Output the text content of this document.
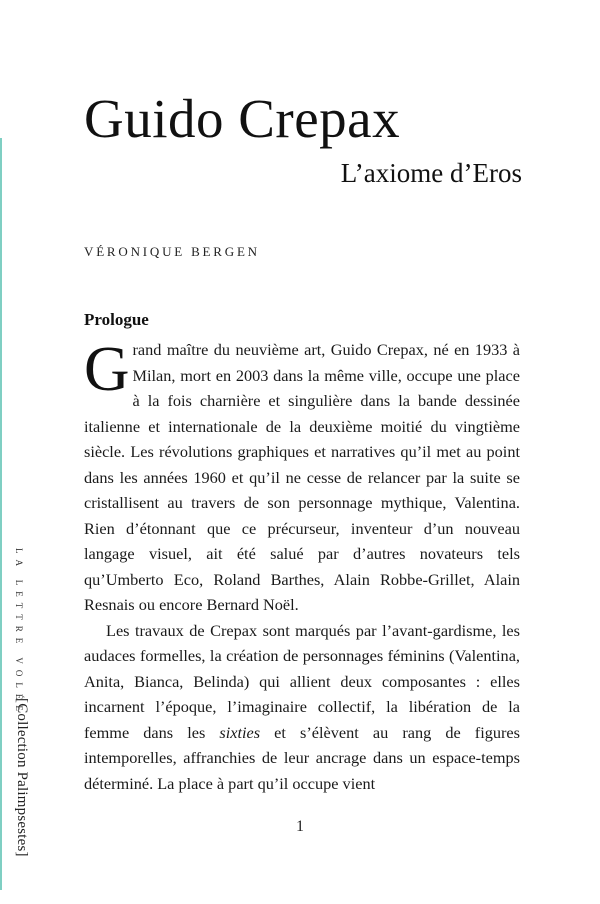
LA LETTRE VOLÉE
[Collection Palimpsestes]
Guido Crepax
L’axiome d’Eros
VÉRONIQUE BERGEN
Prologue

Grand maître du neuvième art, Guido Crepax, né en 1933 à Milan, mort en 2003 dans la même ville, occupe une place à la fois charnière et singulière dans la bande dessinée italienne et internationale de la deuxième moitié du vingtième siècle. Les révolutions graphiques et narratives qu’il met au point dans les années 1960 et qu’il ne cesse de relancer par la suite se cristallisent au travers de son personnage mythique, Valentina. Rien d’étonnant que ce précurseur, inventeur d’un nouveau langage visuel, ait été salué par d’autres novateurs tels qu’Umberto Eco, Roland Barthes, Alain Robbe-Grillet, Alain Resnais ou encore Bernard Noël.

Les travaux de Crepax sont marqués par l’avant-gardisme, les audaces formelles, la création de personnages féminins (Valentina, Anita, Bianca, Belinda) qui allient deux composantes : elles incarnent l’époque, l’imaginaire collectif, la libération de la femme dans les sixties et s’élèvent au rang de figures intemporelles, affranchies de leur ancrage dans un espace-temps déterminé. La place à part qu’il occupe vient

1
